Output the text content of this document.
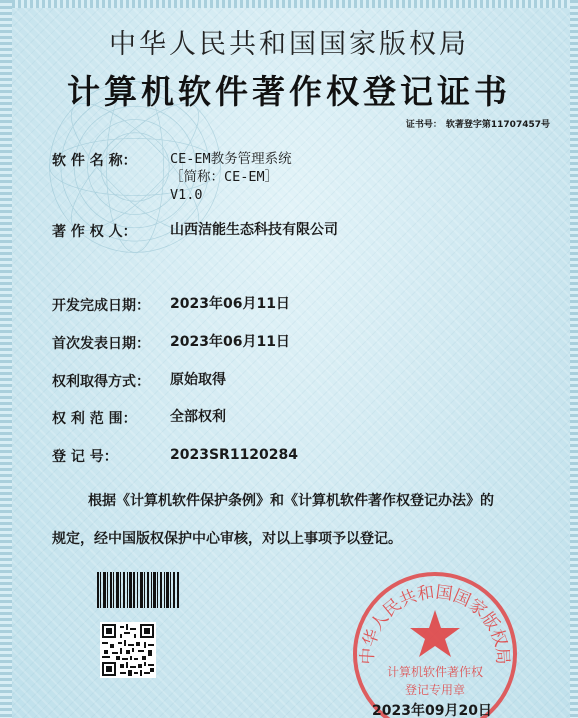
中华人民共和国国家版权局
计算机软件著作权登记证书
证书号： 软著登字第11707457号
软 件 名 称： CE-EM教务管理系统
［简称：CE-EM］
V1.0
著 作 权 人： 山西洁能生态科技有限公司
开发完成日期： 2023年06月11日
首次发表日期： 2023年06月11日
权利取得方式： 原始取得
权 利 范 围： 全部权利
登 记 号：	2023SR1120284
根据《计算机软件保护条例》和《计算机软件著作权登记办法》的
规定，经中国版权保护中心审核，对以上事项予以登记。
中华人民共和国国家版权局
计算机软件著作权
登记专用章
2023年09月20日
